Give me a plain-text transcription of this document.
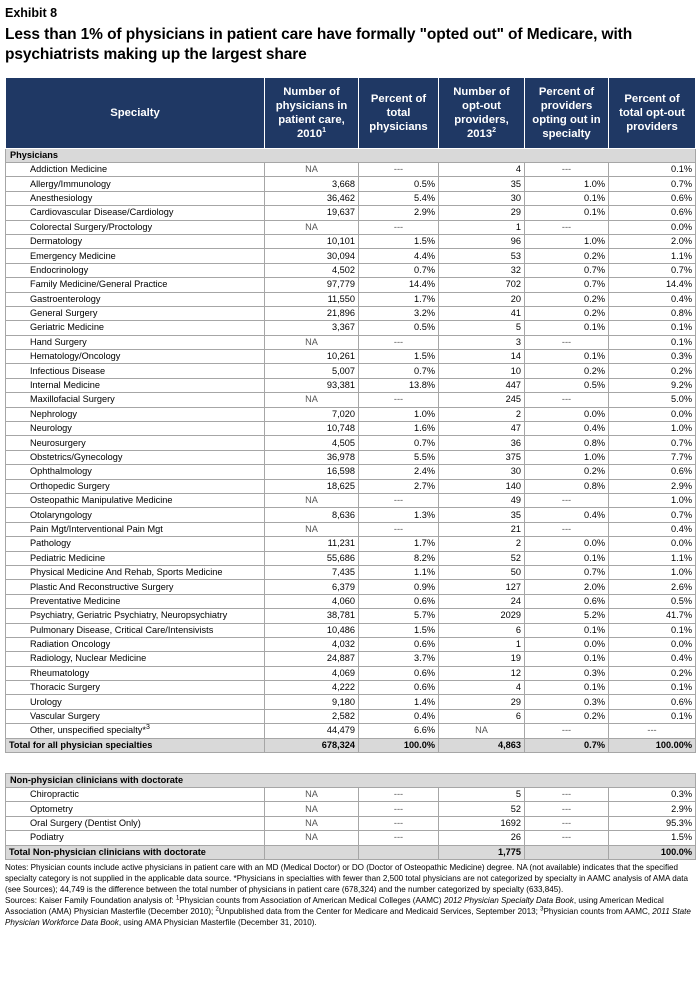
Exhibit 8
Less than 1% of physicians in patient care have formally "opted out" of Medicare, with psychiatrists making up the largest share
Specialty	Number of physicians in patient care, 2010$^1$	Percent of total physicians	Number of opt-out providers, 2013$^2$	Percent of providers opting out in specialty	Percent of total opt-out providers
Physicians					
Addiction Medicine	NA	---	4	---	0.1%
Allergy/Immunology	3,668	0.5%	35	1.0%	0.7%
Anesthesiology	36,462	5.4%	30	0.1%	0.6%
Cardiovascular Disease/Cardiology	19,637	2.9%	29	0.1%	0.6%
Colorectal Surgery/Proctology	NA	---	1	---	0.0%
Dermatology	10,101	1.5%	96	1.0%	2.0%
Emergency Medicine	30,094	4.4%	53	0.2%	1.1%
Endocrinology	4,502	0.7%	32	0.7%	0.7%
Family Medicine/General Practice	97,779	14.4%	702	0.7%	14.4%
Gastroenterology	11,550	1.7%	20	0.2%	0.4%
General Surgery	21,896	3.2%	41	0.2%	0.8%
Geriatric Medicine	3,367	0.5%	5	0.1%	0.1%
Hand Surgery	NA	---	3	---	0.1%
Hematology/Oncology	10,261	1.5%	14	0.1%	0.3%
Infectious Disease	5,007	0.7%	10	0.2%	0.2%
Internal Medicine	93,381	13.8%	447	0.5%	9.2%
Maxillofacial Surgery	NA	---	245	---	5.0%
Nephrology	7,020	1.0%	2	0.0%	0.0%
Neurology	10,748	1.6%	47	0.4%	1.0%
Neurosurgery	4,505	0.7%	36	0.8%	0.7%
Obstetrics/Gynecology	36,978	5.5%	375	1.0%	7.7%
Ophthalmology	16,598	2.4%	30	0.2%	0.6%
Orthopedic Surgery	18,625	2.7%	140	0.8%	2.9%
Osteopathic Manipulative Medicine	NA	---	49	---	1.0%
Otolaryngology	8,636	1.3%	35	0.4%	0.7%
Pain Mgt/Interventional Pain Mgt	NA	---	21	---	0.4%
Pathology	11,231	1.7%	2	0.0%	0.0%
Pediatric Medicine	55,686	8.2%	52	0.1%	1.1%
Physical Medicine And Rehab, Sports Medicine	7,435	1.1%	50	0.7%	1.0%
Plastic And Reconstructive Surgery	6,379	0.9%	127	2.0%	2.6%
Preventative Medicine	4,060	0.6%	24	0.6%	0.5%
Psychiatry, Geriatric Psychiatry, Neuropsychiatry	38,781	5.7%	2029	5.2%	41.7%
Pulmonary Disease, Critical Care/Intensivists	10,486	1.5%	6	0.1%	0.1%
Radiation Oncology	4,032	0.6%	1	0.0%	0.0%
Radiology, Nuclear Medicine	24,887	3.7%	19	0.1%	0.4%
Rheumatology	4,069	0.6%	12	0.3%	0.2%
Thoracic Surgery	4,222	0.6%	4	0.1%	0.1%
Urology	9,180	1.4%	29	0.3%	0.6%
Vascular Surgery	2,582	0.4%	6	0.2%	0.1%
Other, unspecified specialty*$^3$	44,479	6.6%	NA	---	---
Total for all physician specialties	678,324	100.0%	4,863	0.7%	100.00%
Non-physician clinicians with doctorate					
Chiropractic	NA	---	5	---	0.3%
Optometry	NA	---	52	---	2.9%
Oral Surgery (Dentist Only)	NA	---	1692	---	95.3%
Podiatry	NA	---	26	---	1.5%
Total Non-physician clinicians with doctorate			1,775		100.0%

Notes: Physician counts include active physicians in patient care with an MD (Medical Doctor) or DO (Doctor of Osteopathic Medicine) degree. NA (not available) indicates that the specified specialty category is not supplied in the applicable data source. *Physicians in specialties with fewer than 2,500 total physicians are not categorized by specialty in AAMC analysis of AMA data (see Sources); 44,749 is the difference between the total number of physicians in patient care (678,324) and the number categorized by specialty (633,845).

Sources: Kaiser Family Foundation analysis of: $^1$Physician counts from Association of American Medical Colleges (AAMC) 2012 Physician Specialty Data Book, using American Medical Association (AMA) Physician Masterfile (December 2010); $^2$Unpublished data from the Center for Medicare and Medicaid Services, September 2013; $^3$Physician counts from AAMC, 2011 State Physician Workforce Data Book, using AMA Physician Masterfile (December 31, 2010).
